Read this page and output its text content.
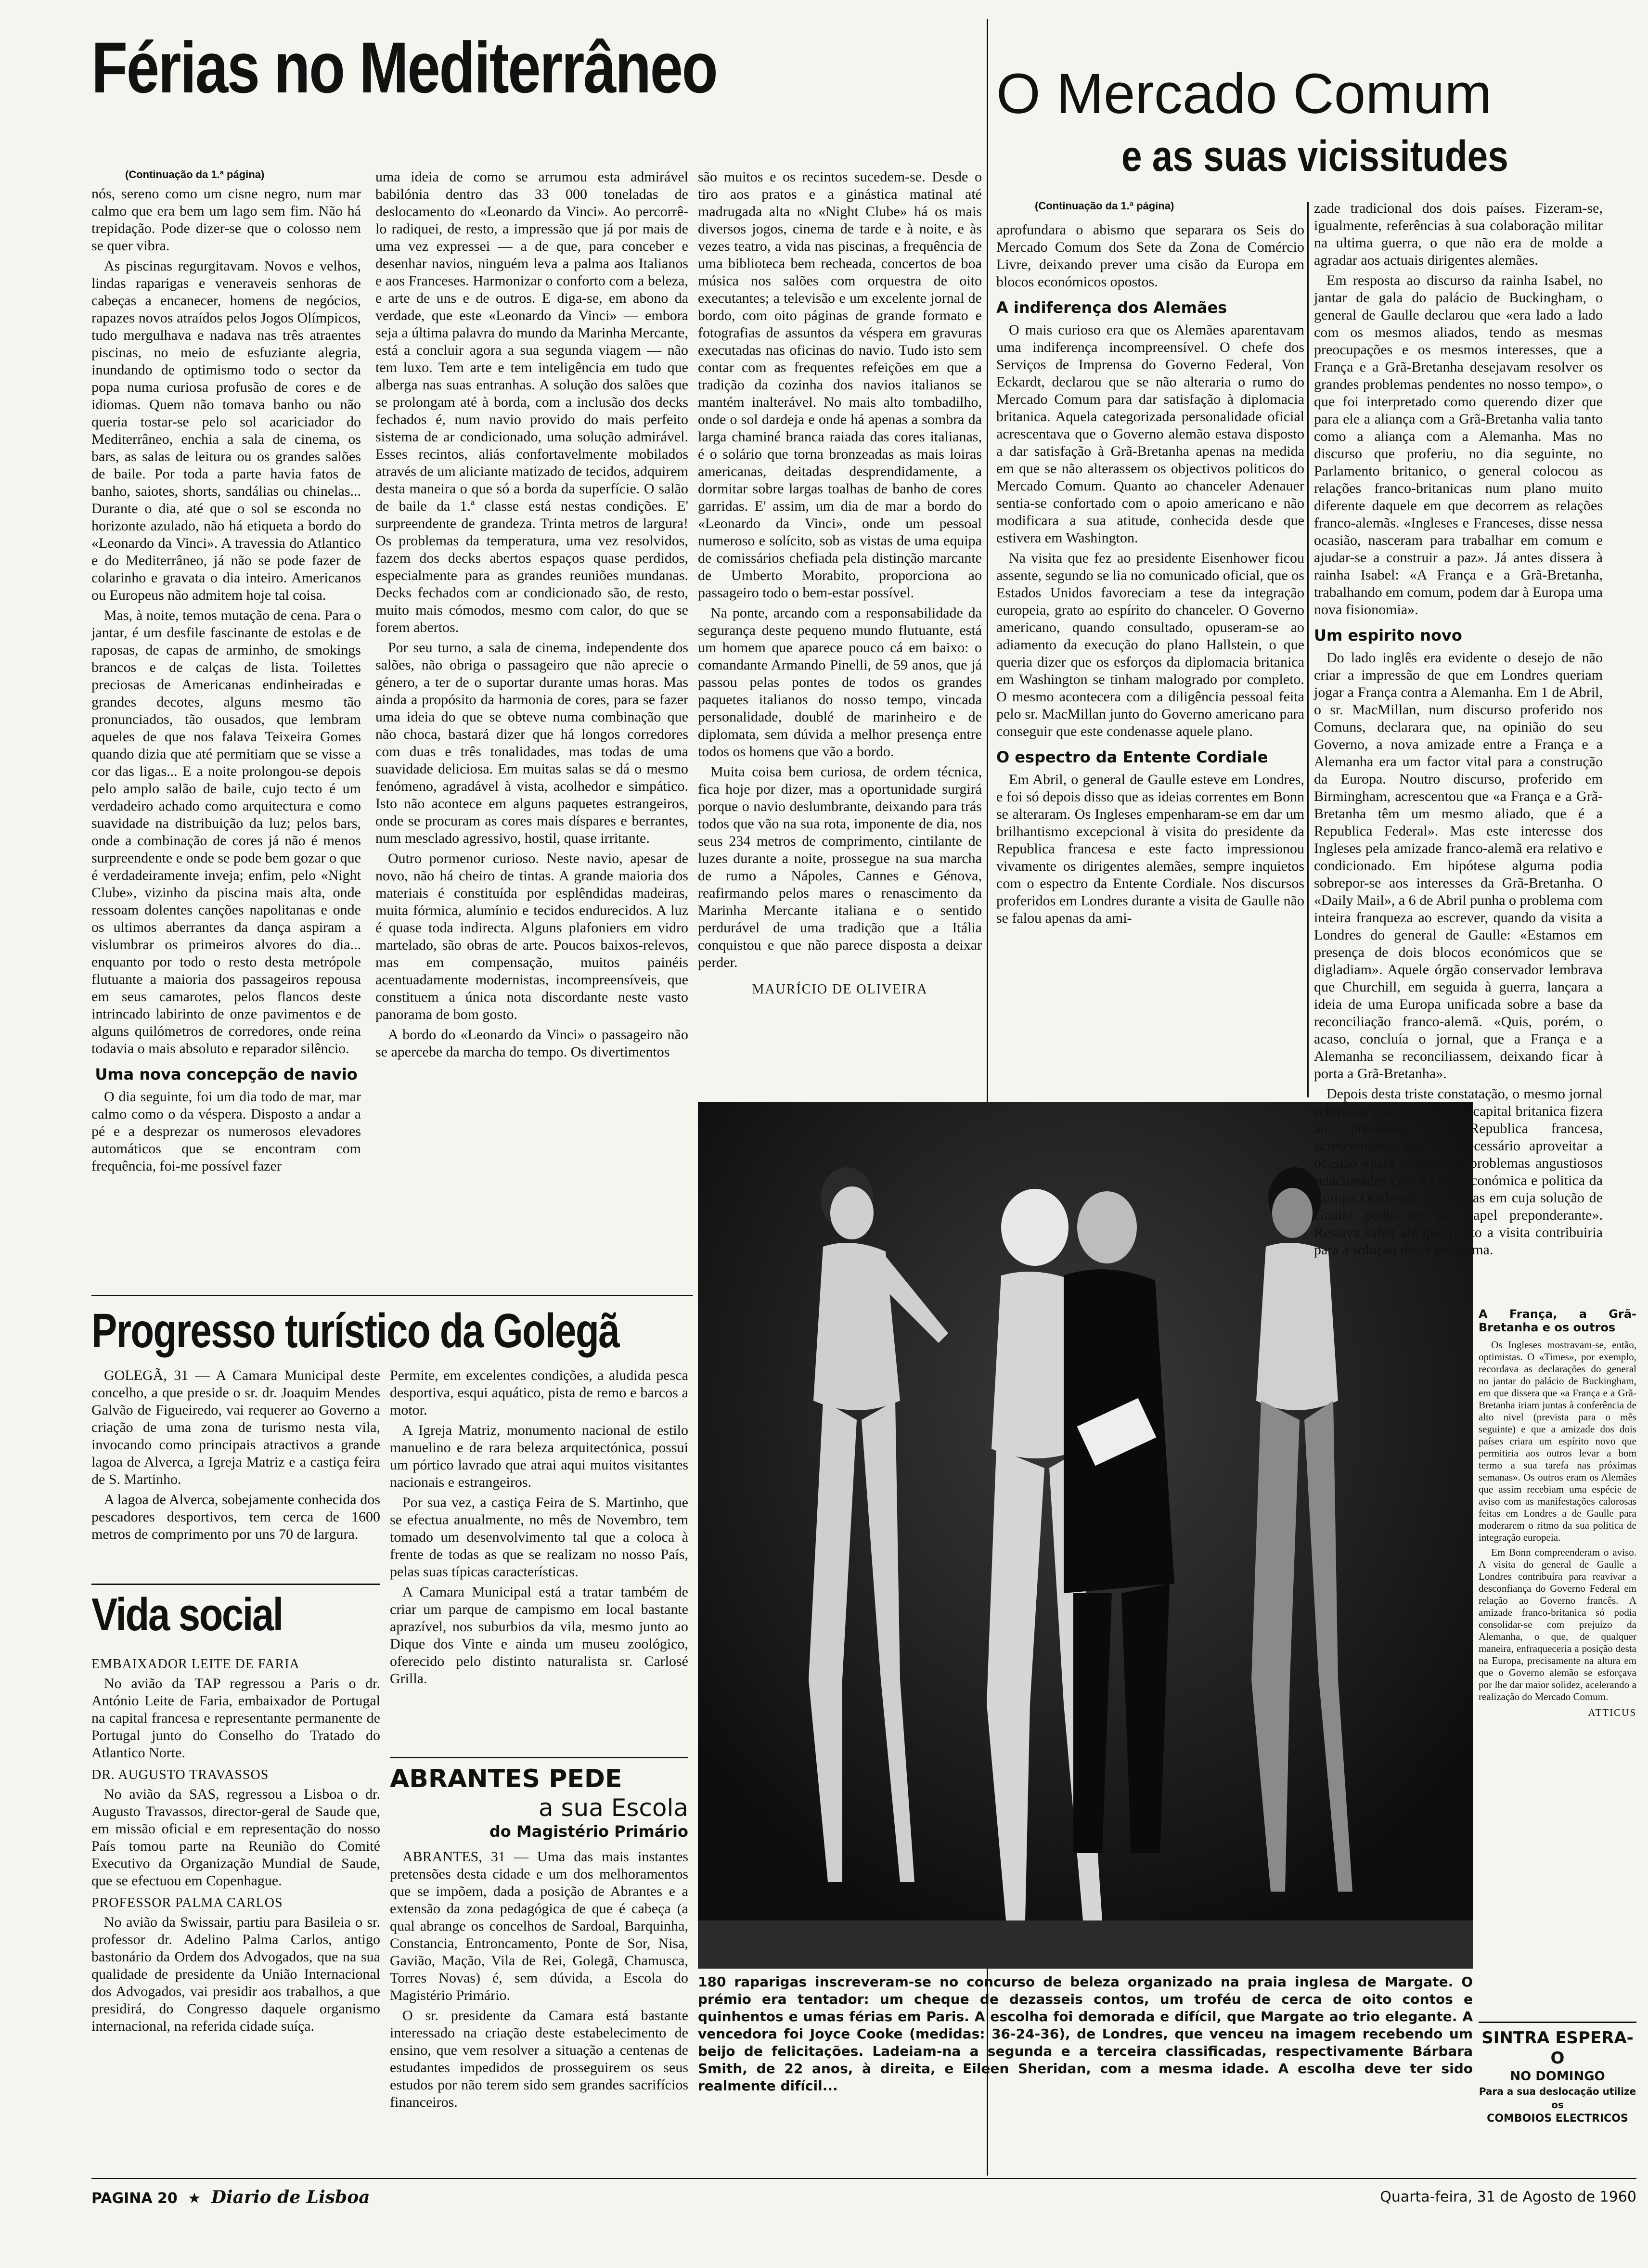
Férias no Mediterrâneo
(Continuação da 1.ª página)

nós, sereno como um cisne negro, num mar calmo que era bem um lago sem fim. Não há trepidação. Pode dizer-se que o colosso nem se quer vibra.

As piscinas regurgitavam. Novos e velhos, lindas raparigas e veneraveis senhoras de cabeças a encanecer, homens de negócios, rapazes novos atraídos pelos Jogos Olímpicos, tudo mergulhava e nadava nas três atraentes piscinas, no meio de esfuziante alegria, inundando de optimismo todo o sector da popa numa curiosa profusão de cores e de idiomas. Quem não tomava banho ou não queria tostar-se pelo sol acariciador do Mediterrâneo, enchia a sala de cinema, os bars, as salas de leitura ou os grandes salões de baile. Por toda a parte havia fatos de banho, saiotes, shorts, sandálias ou chinelas... Durante o dia, até que o sol se esconda no horizonte azulado, não há etiqueta a bordo do «Leonardo da Vinci». A travessia do Atlantico e do Mediterrâneo, já não se pode fazer de colarinho e gravata o dia inteiro. Americanos ou Europeus não admitem hoje tal coisa.

Mas, à noite, temos mutação de cena. Para o jantar, é um desfile fascinante de estolas e de raposas, de capas de arminho, de smokings brancos e de calças de lista. Toilettes preciosas de Americanas endinheiradas e grandes decotes, alguns mesmo tão pronunciados, tão ousados, que lembram aqueles de que nos falava Teixeira Gomes quando dizia que até permitiam que se visse a cor das ligas... E a noite prolongou-se depois pelo amplo salão de baile, cujo tecto é um verdadeiro achado como arquitectura e como suavidade na distribuição da luz; pelos bars, onde a combinação de cores já não é menos surpreendente e onde se pode bem gozar o que é verdadeiramente inveja; enfim, pelo «Night Clube», vizinho da piscina mais alta, onde ressoam dolentes canções napolitanas e onde os ultimos aberrantes da dança aspiram a vislumbrar os primeiros alvores do dia... enquanto por todo o resto desta metrópole flutuante a maioria dos passageiros repousa em seus camarotes, pelos flancos deste intrincado labirinto de onze pavimentos e de alguns quilómetros de corredores, onde reina todavia o mais absoluto e reparador silêncio.

Uma nova concepção de navio

O dia seguinte, foi um dia todo de mar, mar calmo como o da véspera. Disposto a andar a pé e a desprezar os numerosos elevadores automáticos que se encontram com frequência, foi-me possível fazer

uma ideia de como se arrumou esta admirável babilónia dentro das 33 000 toneladas de deslocamento do «Leonardo da Vinci». Ao percorrê-lo radiquei, de resto, a impressão que já por mais de uma vez expressei — a de que, para conceber e desenhar navios, ninguém leva a palma aos Italianos e aos Franceses. Harmonizar o conforto com a beleza, e arte de uns e de outros. E diga-se, em abono da verdade, que este «Leonardo da Vinci» — embora seja a última palavra do mundo da Marinha Mercante, está a concluir agora a sua segunda viagem — não tem luxo. Tem arte e tem inteligência em tudo que alberga nas suas entranhas. A solução dos salões que se prolongam até à borda, com a inclusão dos decks fechados é, num navio provido do mais perfeito sistema de ar condicionado, uma solução admirável. Esses recintos, aliás confortavelmente mobilados através de um aliciante matizado de tecidos, adquirem desta maneira o que só a borda da superfície. O salão de baile da 1.ª classe está nestas condições. E' surpreendente de grandeza. Trinta metros de largura! Os problemas da temperatura, uma vez resolvidos, fazem dos decks abertos espaços quase perdidos, especialmente para as grandes reuniões mundanas. Decks fechados com ar condicionado são, de resto, muito mais cómodos, mesmo com calor, do que se forem abertos.

Por seu turno, a sala de cinema, independente dos salões, não obriga o passageiro que não aprecie o género, a ter de o suportar durante umas horas. Mas ainda a propósito da harmonia de cores, para se fazer uma ideia do que se obteve numa combinação que não choca, bastará dizer que há longos corredores com duas e três tonalidades, mas todas de uma suavidade deliciosa. Em muitas salas se dá o mesmo fenómeno, agradável à vista, acolhedor e simpático. Isto não acontece em alguns paquetes estrangeiros, onde se procuram as cores mais díspares e berrantes, num mesclado agressivo, hostil, quase irritante.

Outro pormenor curioso. Neste navio, apesar de novo, não há cheiro de tintas. A grande maioria dos materiais é constituída por esplêndidas madeiras, muita fórmica, alumínio e tecidos endurecidos. A luz é quase toda indirecta. Alguns plafoniers em vidro martelado, são obras de arte. Poucos baixos-relevos, mas em compensação, muitos painéis acentuadamente modernistas, incompreensíveis, que constituem a única nota discordante neste vasto panorama de bom gosto.

A bordo do «Leonardo da Vinci» o passageiro não se apercebe da marcha do tempo. Os divertimentos

são muitos e os recintos sucedem-se. Desde o tiro aos pratos e a ginástica matinal até madrugada alta no «Night Clube» há os mais diversos jogos, cinema de tarde e à noite, e às vezes teatro, a vida nas piscinas, a frequência de uma biblioteca bem recheada, concertos de boa música nos salões com orquestra de oito executantes; a televisão e um excelente jornal de bordo, com oito páginas de grande formato e fotografias de assuntos da véspera em gravuras executadas nas oficinas do navio. Tudo isto sem contar com as frequentes refeições em que a tradição da cozinha dos navios italianos se mantém inalterável. No mais alto tombadilho, onde o sol dardeja e onde há apenas a sombra da larga chaminé branca raiada das cores italianas, é o solário que torna bronzeadas as mais loiras americanas, deitadas desprendidamente, a dormitar sobre largas toalhas de banho de cores garridas. E' assim, um dia de mar a bordo do «Leonardo da Vinci», onde um pessoal numeroso e solícito, sob as vistas de uma equipa de comissários chefiada pela distinção marcante de Umberto Morabito, proporciona ao passageiro todo o bem-estar possível.

Na ponte, arcando com a responsabilidade da segurança deste pequeno mundo flutuante, está um homem que aparece pouco cá em baixo: o comandante Armando Pinelli, de 59 anos, que já passou pelas pontes de todos os grandes paquetes italianos do nosso tempo, vincada personalidade, doublé de marinheiro e de diplomata, sem dúvida a melhor presença entre todos os homens que vão a bordo.

Muita coisa bem curiosa, de ordem técnica, fica hoje por dizer, mas a oportunidade surgirá porque o navio deslumbrante, deixando para trás todos que vão na sua rota, imponente de dia, nos seus 234 metros de comprimento, cintilante de luzes durante a noite, prossegue na sua marcha de rumo a Nápoles, Cannes e Génova, reafirmando pelos mares o renascimento da Marinha Mercante italiana e o sentido perdurável de uma tradição que a Itália conquistou e que não parece disposta a deixar perder.

MAURÍCIO DE OLIVEIRA
Progresso turístico da Golegã

GOLEGÃ, 31 — A Camara Municipal deste concelho, a que preside o sr. dr. Joaquim Mendes Galvão de Figueiredo, vai requerer ao Governo a criação de uma zona de turismo nesta vila, invocando como principais atractivos a grande lagoa de Alverca, a Igreja Matriz e a castiça feira de S. Martinho.

A lagoa de Alverca, sobejamente conhecida dos pescadores desportivos, tem cerca de 1600 metros de comprimento por uns 70 de largura.

Permite, em excelentes condições, a aludida pesca desportiva, esqui aquático, pista de remo e barcos a motor.

A Igreja Matriz, monumento nacional de estilo manuelino e de rara beleza arquitectónica, possui um pórtico lavrado que atrai aqui muitos visitantes nacionais e estrangeiros.

Por sua vez, a castiça Feira de S. Martinho, que se efectua anualmente, no mês de Novembro, tem tomado um desenvolvimento tal que a coloca à frente de todas as que se realizam no nosso País, pelas suas típicas características.

A Camara Municipal está a tratar também de criar um parque de campismo em local bastante aprazível, nos suburbios da vila, mesmo junto ao Dique dos Vinte e ainda um museu zoológico, oferecido pelo distinto naturalista sr. Carlosé Grilla.

Vida social
EMBAIXADOR LEITE DE FARIA

No avião da TAP regressou a Paris o dr. António Leite de Faria, embaixador de Portugal na capital francesa e representante permanente de Portugal junto do Conselho do Tratado do Atlantico Norte.

DR. AUGUSTO TRAVASSOS

No avião da SAS, regressou a Lisboa o dr. Augusto Travassos, director-geral de Saude que, em missão oficial e em representação do nosso País tomou parte na Reunião do Comité Executivo da Organização Mundial de Saude, que se efectuou em Copenhague.

PROFESSOR PALMA CARLOS

No avião da Swissair, partiu para Basileia o sr. professor dr. Adelino Palma Carlos, antigo bastonário da Ordem dos Advogados, que na sua qualidade de presidente da União Internacional dos Advogados, vai presidir aos trabalhos, a que presidirá, do Congresso daquele organismo internacional, na referida cidade suíça.

ABRANTES PEDE
a sua Escola
do Magistério Primário

ABRANTES, 31 — Uma das mais instantes pretensões desta cidade e um dos melhoramentos que se impõem, dada a posição de Abrantes e a extensão da zona pedagógica de que é cabeça (a qual abrange os concelhos de Sardoal, Barquinha, Constancia, Entroncamento, Ponte de Sor, Nisa, Gavião, Mação, Vila de Rei, Golegã, Chamusca, Torres Novas) é, sem dúvida, a Escola do Magistério Primário.

O sr. presidente da Camara está bastante interessado na criação deste estabelecimento de ensino, que vem resolver a situação a centenas de estudantes impedidos de prosseguirem os seus estudos por não terem sido sem grandes sacrifícios financeiros.

180 raparigas inscreveram-se no concurso de beleza organizado na praia inglesa de Margate. O prémio era tentador: um cheque de dezasseis contos, um troféu de cerca de oito contos e quinhentos e umas férias em Paris. A escolha foi demorada e difícil, que Margate ao trio elegante. A vencedora foi Joyce Cooke (medidas: 36-24-36), de Londres, que venceu na imagem recebendo um beijo de felicitações. Ladeiam-na a segunda e a terceira classificadas, respectivamente Bárbara Smith, de 22 anos, à direita, e Eileen Sheridan, com a mesma idade. A escolha deve ter sido realmente difícil...
O Mercado Comum
e as suas vicissitudes
(Continuação da 1.ª página)

aprofundara o abismo que separara os Seis do Mercado Comum dos Sete da Zona de Comércio Livre, deixando prever uma cisão da Europa em blocos económicos opostos.

A indiferença dos Alemães

O mais curioso era que os Alemães aparentavam uma indiferença incompreensível. O chefe dos Serviços de Imprensa do Governo Federal, Von Eckardt, declarou que se não alteraria o rumo do Mercado Comum para dar satisfação à diplomacia britanica. Aquela categorizada personalidade oficial acrescentava que o Governo alemão estava disposto a dar satisfação à Grã-Bretanha apenas na medida em que se não alterassem os objectivos politicos do Mercado Comum. Quanto ao chanceler Adenauer sentia-se confortado com o apoio americano e não modificara a sua atitude, conhecida desde que estivera em Washington.

Na visita que fez ao presidente Eisenhower ficou assente, segundo se lia no comunicado oficial, que os Estados Unidos favoreciam a tese da integração europeia, grato ao espírito do chanceler. O Governo americano, quando consultado, opuseram-se ao adiamento da execução do plano Hallstein, o que queria dizer que os esforços da diplomacia britanica em Washington se tinham malogrado por completo. O mesmo acontecera com a diligência pessoal feita pelo sr. MacMillan junto do Governo americano para conseguir que este condenasse aquele plano.

O espectro da Entente Cordiale

Em Abril, o general de Gaulle esteve em Londres, e foi só depois disso que as ideias correntes em Bonn se alteraram. Os Ingleses empenharam-se em dar um brilhantismo excepcional à visita do presidente da Republica francesa e este facto impressionou vivamente os dirigentes alemães, sempre inquietos com o espectro da Entente Cordiale. Nos discursos proferidos em Londres durante a visita de Gaulle não se falou apenas da ami-

zade tradicional dos dois países. Fizeram-se, igualmente, referências à sua colaboração militar na ultima guerra, o que não era de molde a agradar aos actuais dirigentes alemães.

Em resposta ao discurso da rainha Isabel, no jantar de gala do palácio de Buckingham, o general de Gaulle declarou que «era lado a lado com os mesmos aliados, tendo as mesmas preocupações e os mesmos interesses, que a França e a Grã-Bretanha desejavam resolver os grandes problemas pendentes no nosso tempo», o que foi interpretado como querendo dizer que para ele a aliança com a Grã-Bretanha valia tanto como a aliança com a Alemanha. Mas no discurso que proferiu, no dia seguinte, no Parlamento britanico, o general colocou as relações franco-britanicas num plano muito diferente daquele em que decorrem as relações franco-alemãs. «Ingleses e Franceses, disse nessa ocasião, nasceram para trabalhar em comum e ajudar-se a construir a paz». Já antes dissera à rainha Isabel: «A França e a Grã-Bretanha, trabalhando em comum, podem dar à Europa uma nova fisionomia».

Um espirito novo

Do lado inglês era evidente o desejo de não criar a impressão de que em Londres queriam jogar a França contra a Alemanha. Em 1 de Abril, o sr. MacMillan, num discurso proferido nos Comuns, declarara que, na opinião do seu Governo, a nova amizade entre a França e a Alemanha era um factor vital para a construção da Europa. Noutro discurso, proferido em Birmingham, acrescentou que «a França e a Grã-Bretanha têm um mesmo aliado, que é a Republica Federal». Mas este interesse dos Ingleses pela amizade franco-alemã era relativo e condicionado. Em hipótese alguma podia sobrepor-se aos interesses da Grã-Bretanha. O «Daily Mail», a 6 de Abril punha o problema com inteira franqueza ao escrever, quando da visita a Londres do general de Gaulle: «Estamos em presença de dois blocos económicos que se digladiam». Aquele órgão conservador lembrava que Churchill, em seguida à guerra, lançara a ideia de uma Europa unificada sobre a base da reconciliação franco-alemã. «Quis, porém, o acaso, concluía o jornal, que a França e a Alemanha se reconciliassem, deixando ficar à porta a Grã-Bretanha».

Depois desta triste constatação, o mesmo jornal referia-se à recepção que a capital britanica fizera ao presidente da Republica francesa, acrescentando que era necessário aproveitar a ocasião «para resolver os problemas angustiosos relacionados com a cisão económica e politica da Europa Ocidental, problemas em cuja solução de Gaulle podia ter um papel preponderante». Restava saber até que ponto a visita contribuiria para a solução desse problema.

A França, a Grã-Bretanha e os outros

Os Ingleses mostravam-se, então, optimistas. O «Times», por exemplo, recordava as declarações do general no jantar do palácio de Buckingham, em que dissera que «a França e a Grã-Bretanha iriam juntas à conferência de alto nivel (prevista para o mês seguinte) e que a amizade dos dois países criara um espírito novo que permitiria aos outros levar a bom termo a sua tarefa nas próximas semanas». Os outros eram os Alemães que assim recebiam uma espécie de aviso com as manifestações calorosas feitas em Londres a de Gaulle para moderarem o ritmo da sua politica de integração europeia.

Em Bonn compreenderam o aviso. A visita do general de Gaulle a Londres contribuíra para reavivar a desconfiança do Governo Federal em relação ao Governo francês. A amizade franco-britanica só podia consolidar-se com prejuízo da Alemanha, o que, de qualquer maneira, enfraqueceria a posição desta na Europa, precisamente na altura em que o Governo alemão se esforçava por lhe dar maior solidez, acelerando a realização do Mercado Comum.

ATTICUS
SINTRA ESPERA-O
NO DOMINGO
Para a sua deslocação utilize os
COMBOIOS ELECTRICOS
PAGINA 20 ★ Diario de Lisboa	Quarta-feira, 31 de Agosto de 1960
